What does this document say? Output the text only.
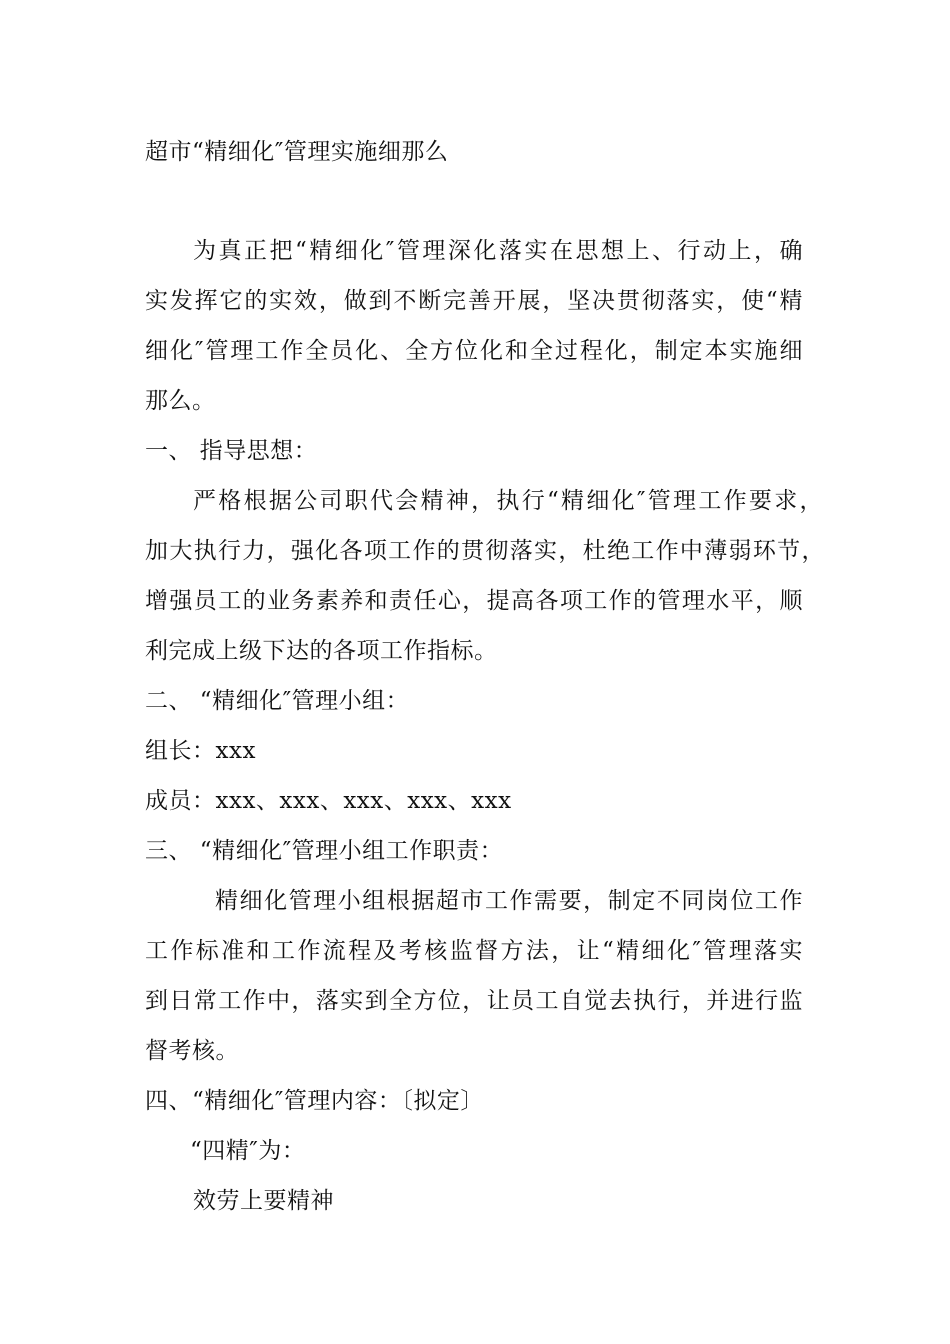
超市“精细化″管理实施细那么
为真正把“精细化″管理深化落实在思想上、行动上，确
实发挥它的实效，做到不断完善开展，坚决贯彻落实，使“精
细化″管理工作全员化、全方位化和全过程化，制定本实施细
那么。
一、 指导思想：
严格根据公司职代会精神，执行“精细化″管理工作要求，
加大执行力，强化各项工作的贯彻落实，杜绝工作中薄弱环节，
增强员工的业务素养和责任心，提高各项工作的管理水平，顺
利完成上级下达的各项工作指标。
二、 “精细化″管理小组：
组长：xxx
成员：xxx、xxx、xxx、xxx、xxx
三、 “精细化″管理小组工作职责：
精细化管理小组根据超市工作需要，制定不同岗位工作
工作标准和工作流程及考核监督方法，让“精细化″管理落实
到日常工作中，落实到全方位，让员工自觉去执行，并进行监
督考核。
四、“精细化″管理内容：〔拟定〕
“四精″为：
效劳上要精神
